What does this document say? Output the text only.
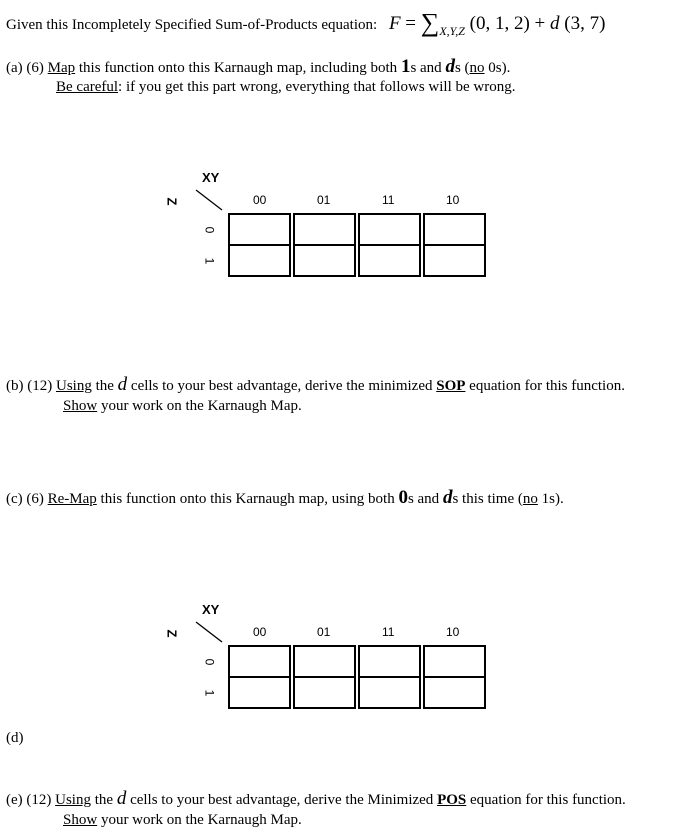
Given this Incompletely Specified Sum-of-Products equation: $F = \sum_{X,Y,Z}$ (0, 1, 2) + d (3, 7)
(a) (6) Map this function onto this Karnaugh map, including both 1s and ds (no 0s).
Be careful: if you get this part wrong, everything that follows will be wrong.
XY
Z	00	01	11	10
0
1
(b) (12) Using the d cells to your best advantage, derive the minimized SOP equation for this function.
Show your work on the Karnaugh Map.
(c) (6) Re-Map this function onto this Karnaugh map, using both 0s and ds this time (no 1s).
XY
Z	00	01	11	10
0
1
(d)
(e) (12) Using the d cells to your best advantage, derive the Minimized POS equation for this function.
Show your work on the Karnaugh Map.
